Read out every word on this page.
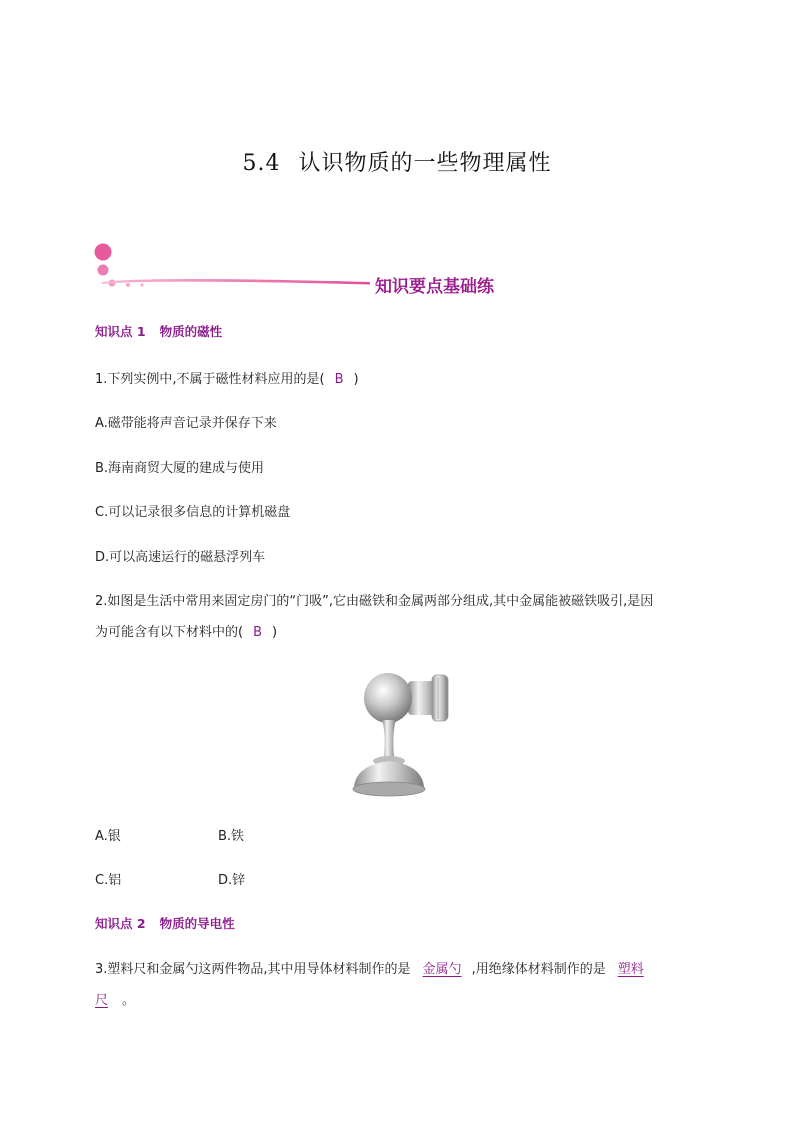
5.4 认识物质的一些物理属性
知识要点基础练
知识点 1 物质的磁性
1.下列实例中,不属于磁性材料应用的是( B )
A.磁带能将声音记录并保存下来
B.海南商贸大厦的建成与使用
C.可以记录很多信息的计算机磁盘
D.可以高速运行的磁悬浮列车
2.如图是生活中常用来固定房门的“门吸”,它由磁铁和金属两部分组成,其中金属能被磁铁吸引,是因
为可能含有以下材料中的( B )
A.银	B.铁
C.铝	D.锌
知识点 2 物质的导电性
3.塑料尺和金属勺这两件物品,其中用导体材料制作的是 金属勺 ,用绝缘体材料制作的是 塑料
尺 。
